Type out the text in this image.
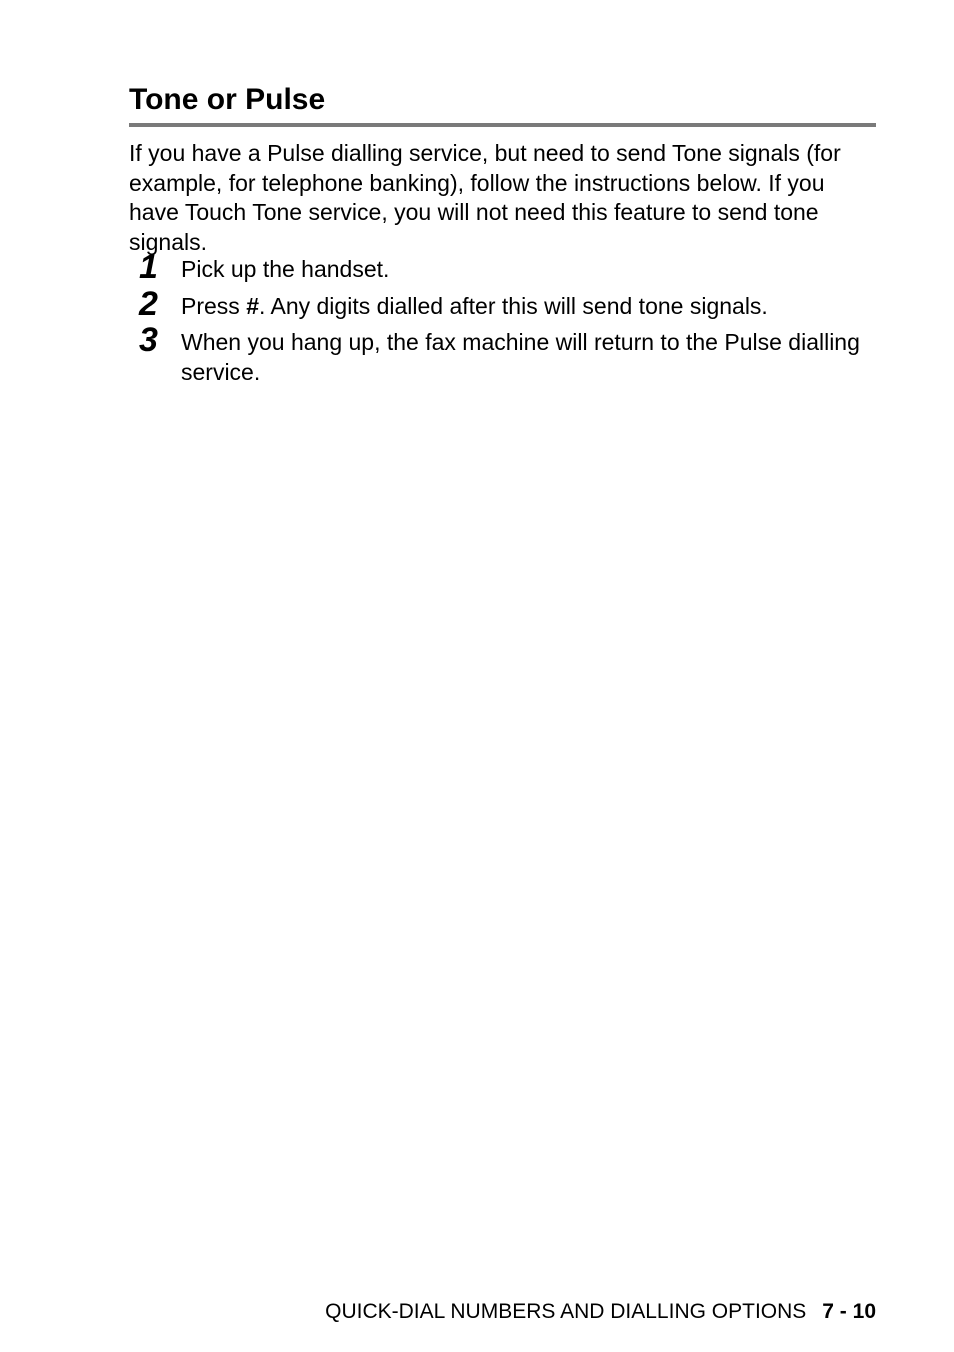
Tone or Pulse

If you have a Pulse dialling service, but need to send Tone signals (for example, for telephone banking), follow the instructions below. If you have Touch Tone service, you will not need this feature to send tone signals.

1 Pick up the handset.
2 Press #. Any digits dialled after this will send tone signals.
3 When you hang up, the fax machine will return to the Pulse dialling service.
QUICK-DIAL NUMBERS AND DIALLING OPTIONS 7 - 10
